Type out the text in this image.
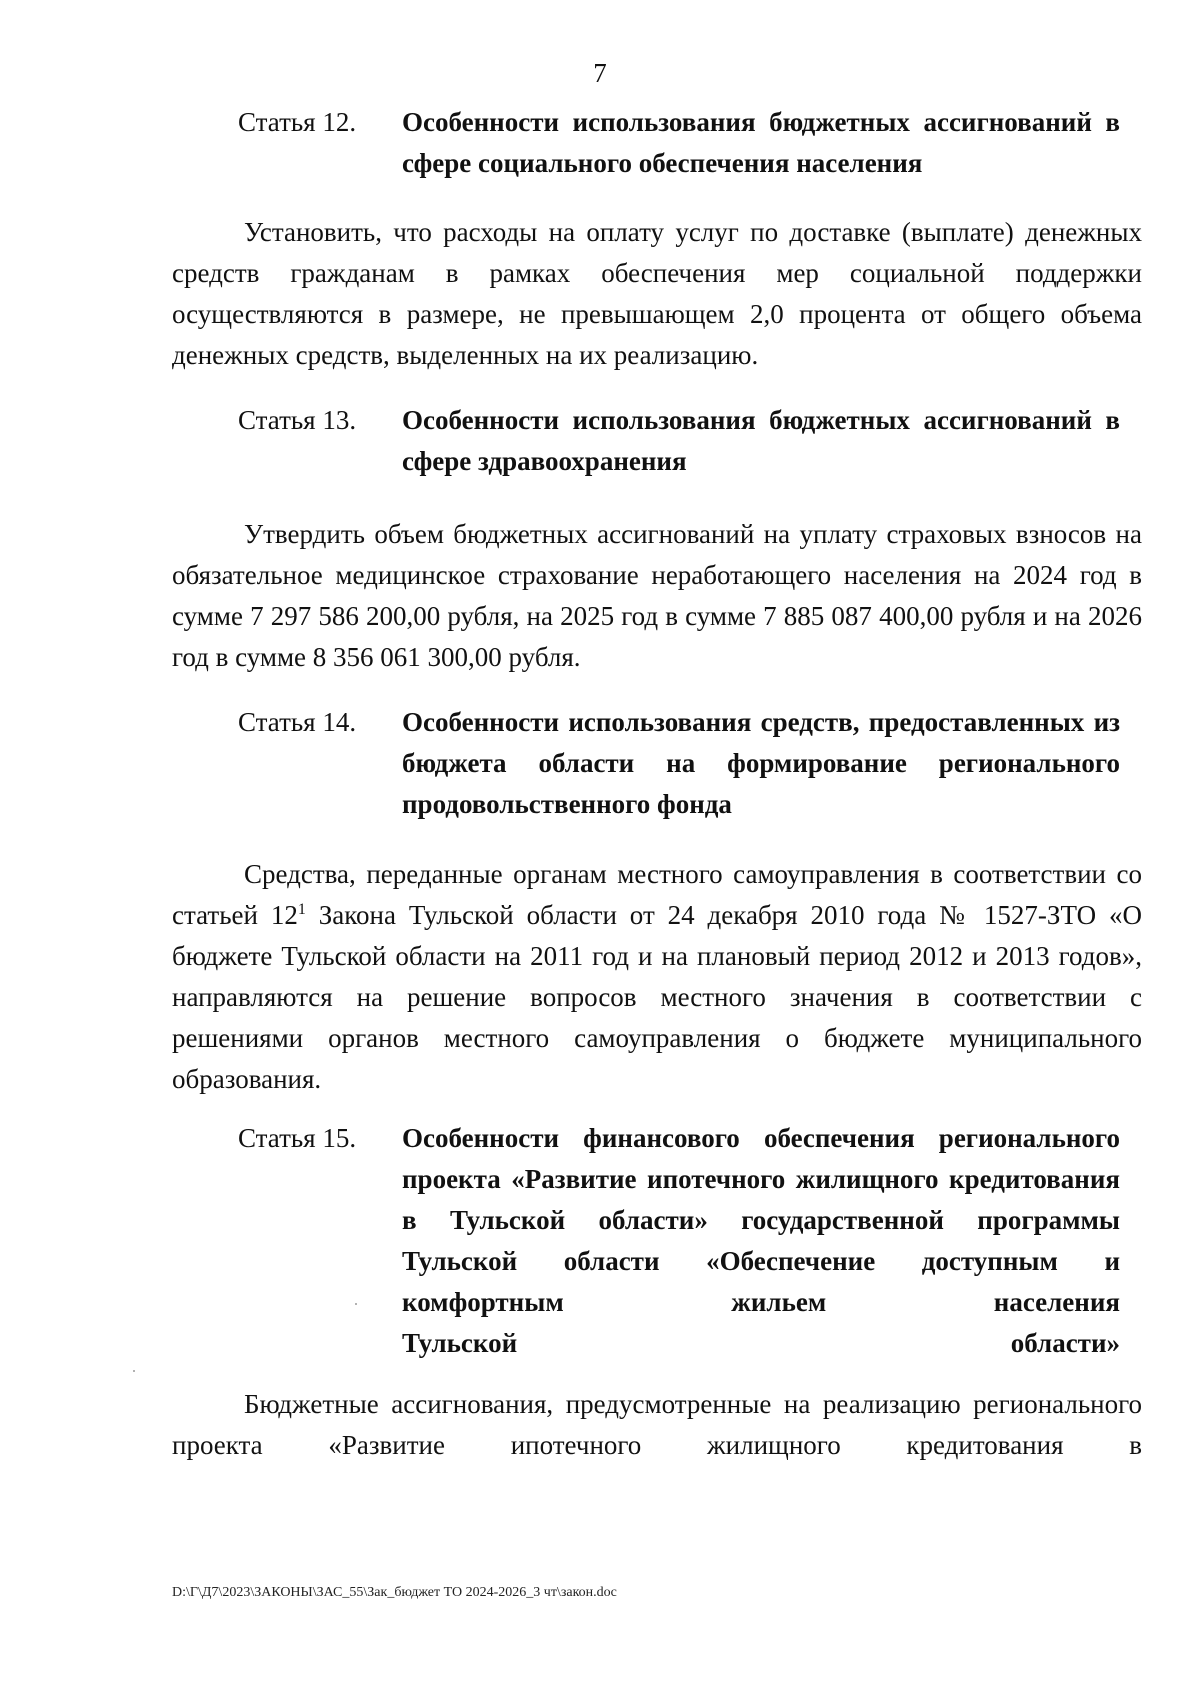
7
Статья 12. Особенности использования бюджетных ассигнований в сфере социального обеспечения населения

Установить, что расходы на оплату услуг по доставке (выплате) денежных средств гражданам в рамках обеспечения мер социальной поддержки осуществляются в размере, не превышающем 2,0 процента от общего объема денежных средств, выделенных на их реализацию.

Статья 13. Особенности использования бюджетных ассигнований в сфере здравоохранения

Утвердить объем бюджетных ассигнований на уплату страховых взносов на обязательное медицинское страхование неработающего населения на 2024 год в сумме 7 297 586 200,00 рубля, на 2025 год в сумме 7 885 087 400,00 рубля и на 2026 год в сумме 8 356 061 300,00 рубля.

Статья 14. Особенности использования средств, предоставленных из бюджета области на формирование регионального продовольственного фонда

Средства, переданные органам местного самоуправления в соответствии со статьей 12$^1$ Закона Тульской области от 24 декабря 2010 года № 1527-ЗТО «О бюджете Тульской области на 2011 год и на плановый период 2012 и 2013 годов», направляются на решение вопросов местного значения в соответствии с решениями органов местного самоуправления о бюджете муниципального образования.

Статья 15. Особенности финансового обеспечения регионального проекта «Развитие ипотечного жилищного кредитования в Тульской области» государственной программы Тульской области «Обеспечение доступным и комфортным жильем населения
Тульской области»

Бюджетные ассигнования, предусмотренные на реализацию регионального проекта «Развитие ипотечного жилищного кредитования в

D:\Г\Д7\2023\ЗАКОНЫ\ЗАС_55\Зак_бюджет ТО 2024-2026_3 чт\закон.doc
